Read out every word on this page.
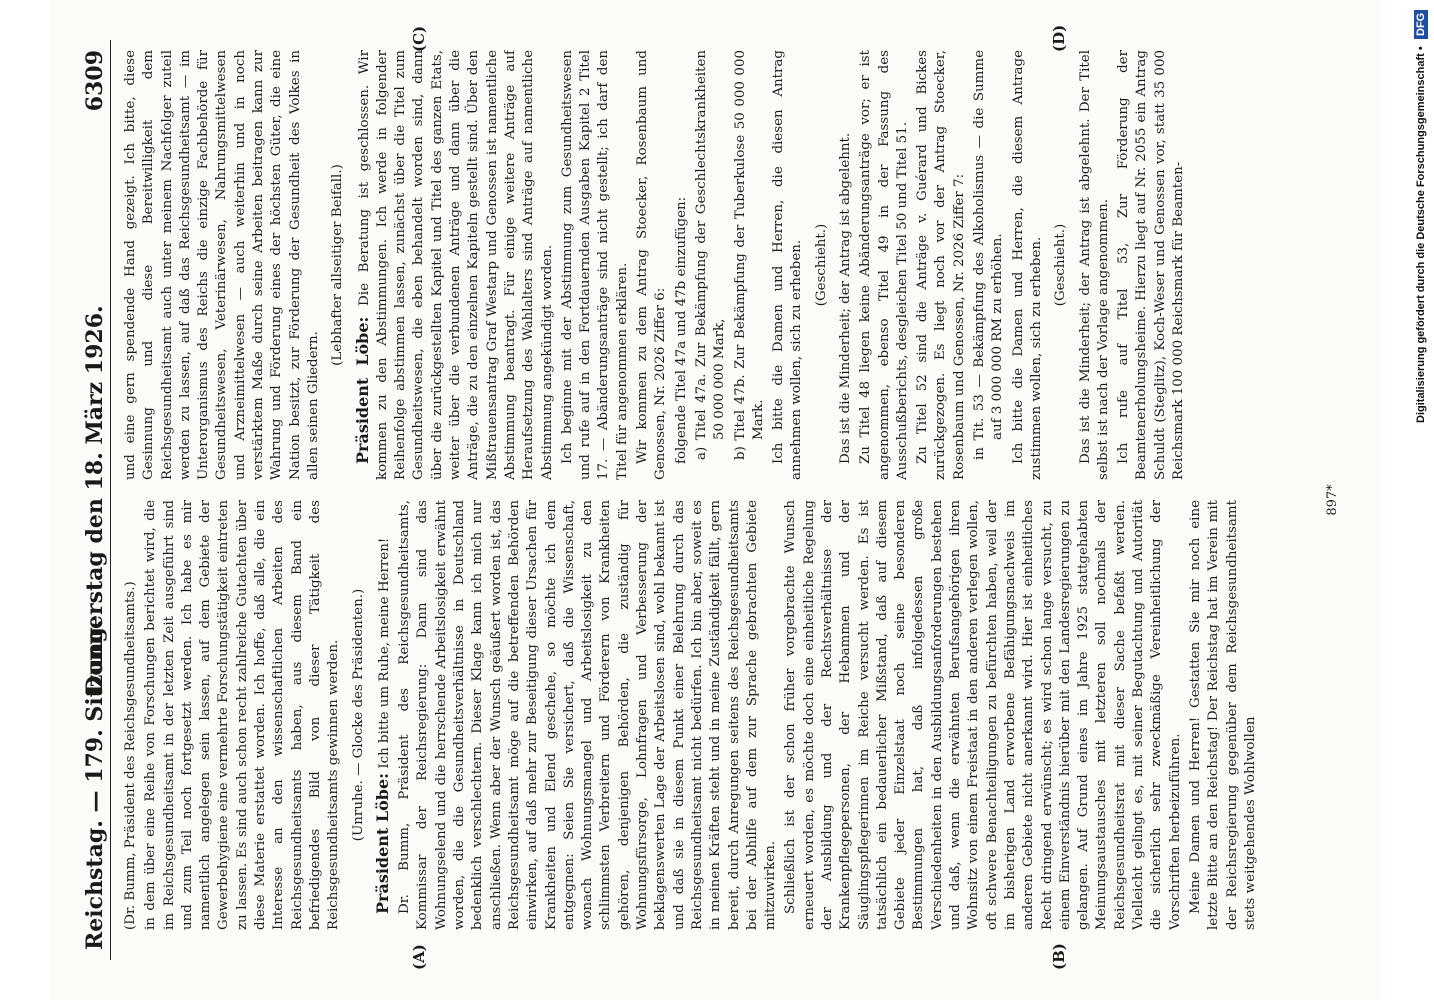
Reichstag. — 179. Sitzung.
Donnerstag den 18. März 1926.
6309
(A)	(B)
(C)	(D)

(Dr. Bumm, Präsident des Reichsgesundheitsamts.) in dem über eine Reihe von Forschungen berichtet wird, die im Reichsgesundheitsamt in der letzten Zeit ausgeführt sind und zum Teil noch fortgesetzt werden. Ich habe es mir namentlich angelegen sein lassen, auf dem Gebiete der Gewerbehygiene eine vermehrte Forschungstätigkeit eintreten zu lassen. Es sind auch schon recht zahlreiche Gutachten über diese Materie erstattet worden. Ich hoffe, daß alle, die ein Interesse an den wissenschaftlichen Arbeiten des Reichsgesundheitsamts haben, aus diesem Band ein befriedigendes Bild von dieser Tätigkeit des Reichsgesundheitsamts gewinnen werden. (Unruhe. — Glocke des Präsidenten.)

Präsident Löbe: Ich bitte um Ruhe, meine Herren! Dr. Bumm, Präsident des Reichsgesundheitsamts, Kommissar der Reichsregierung: Dann sind das Wohnungselend und die herrschende Arbeitslosigkeit erwähnt worden, die die Gesundheitsverhältnisse in Deutschland bedenklich verschlechtern. Dieser Klage kann ich mich nur anschließen. Wenn aber der Wunsch geäußert worden ist, das Reichsgesundheitsamt möge auf die betreffenden Behörden einwirken, auf daß mehr zur Beseitigung dieser Ursachen für Krankheiten und Elend geschehe, so möchte ich dem entgegnen: Seien Sie versichert, daß die Wissenschaft, wonach Wohnungsmangel und Arbeitslosigkeit zu den schlimmsten Verbreitern und Förderern von Krankheiten gehören, denjenigen Behörden, die zuständig für Wohnungsfürsorge, Lohnfragen und Verbesserung der beklagenswerten Lage der Arbeitslosen sind, wohl bekannt ist und daß sie in diesem Punkt einer Belehrung durch das Reichsgesundheitsamt nicht bedürfen. Ich bin aber, soweit es in meinen Kräften steht und in meine Zuständigkeit fällt, gern bereit, durch Anregungen seitens des Reichsgesundheitsamts bei der Abhilfe auf dem zur Sprache gebrachten Gebiete mitzuwirken. Schließlich ist der schon früher vorgebrachte Wunsch erneuert worden, es möchte doch eine einheitliche Regelung der Ausbildung und der Rechtsverhältnisse der Krankenpflegepersonen, der Hebammen und der Säuglingspflegerinnen im Reiche versucht werden. Es ist tatsächlich ein bedauerlicher Mißstand, daß auf diesem Gebiete jeder Einzelstaat noch seine besonderen Bestimmungen hat, daß infolgedessen große Verschiedenheiten in den Ausbildungsanforderungen bestehen und daß, wenn die erwähnten Berufsangehörigen ihren Wohnsitz von einem Freistaat in den anderen verlegen wollen, oft schwere Benachteiligungen zu befürchten haben, weil der im bisherigen Land erworbene Befähigungsnachweis im anderen Gebiete nicht anerkannt wird. Hier ist einheitliches Recht dringend erwünscht; es wird schon lange versucht, zu einem Einverständnis hierüber mit den Landesregierungen zu gelangen. Auf Grund eines im Jahre 1925 stattgehabten Meinungsaustausches mit letzteren soll nochmals der Reichsgesundheitsrat mit dieser Sache befaßt werden. Vielleicht gelingt es, mit seiner Begutachtung und Autorität die sicherlich sehr zweckmäßige Vereinheitlichung der Vorschriften herbeizuführen. Meine Damen und Herren! Gestatten Sie mir noch eine letzte Bitte an den Reichstag! Der Reichstag hat im Verein mit der Reichsregierung gegenüber dem Reichsgesundheitsamt stets weitgehendes Wohlwollen

und eine gern spendende Hand gezeigt. Ich bitte, diese Gesinnung und diese Bereitwilligkeit dem Reichsgesundheitsamt auch unter meinem Nachfolger zuteil werden zu lassen, auf daß das Reichsgesundheitsamt — im Unterorganismus des Reichs die einzige Fachbehörde für Gesundheitswesen, Veterinärwesen, Nahrungsmittelwesen und Arzneimittelwesen — auch weiterhin und in noch verstärktem Maße durch seine Arbeiten beitragen kann zur Wahrung und Förderung eines der höchsten Güter, die eine Nation besitzt, zur Förderung der Gesundheit des Volkes in allen seinen Gliedern.

(Lebhafter allseitiger Beifall.)

Präsident Löbe: Die Beratung ist geschlossen. Wir kommen zu den Abstimmungen. Ich werde in folgender Reihenfolge abstimmen lassen, zunächst über die Titel zum Gesundheitswesen, die eben behandelt worden sind, dann über die zurückgestellten Kapitel und Titel des ganzen Etats, weiter über die verbundenen Anträge und dann über die Anträge, die zu den einzelnen Kapiteln gestellt sind. Über den Mißtrauensantrag Graf Westarp und Genossen ist namentliche Abstimmung beantragt. Für einige weitere Anträge auf Heraufsetzung des Wahlalters sind Anträge auf namentliche Abstimmung angekündigt worden. Ich beginne mit der Abstimmung zum Gesundheitswesen und rufe auf in den Fortdauernden Ausgaben Kapitel 2 Titel 17. — Abänderungsanträge sind nicht gestellt; ich darf den Titel für angenommen erklären. Wir kommen zu dem Antrag Stoecker, Rosenbaum und Genossen, Nr. 2026 Ziffer 6: folgende Titel 47a und 47b einzufügen: a) Titel 47a. Zur Bekämpfung der Geschlechtskrankheiten 50 000 000 Mark, b) Titel 47b. Zur Bekämpfung der Tuberkulose 50 000 000 Mark. Ich bitte die Damen und Herren, die diesen Antrag annehmen wollen, sich zu erheben. (Geschieht.) Das ist die Minderheit; der Antrag ist abgelehnt. Zu Titel 48 liegen keine Abänderungsanträge vor; er ist angenommen, ebenso Titel 49 in der Fassung des Ausschußberichts, desgleichen Titel 50 und Titel 51. Zu Titel 52 sind die Anträge v. Guérard und Bickes zurückgezogen. Es liegt noch vor der Antrag Stoecker, Rosenbaum und Genossen, Nr. 2026 Ziffer 7: in Tit. 53 — Bekämpfung des Alkoholismus — die Summe auf 3 000 000 RM zu erhöhen. Ich bitte die Damen und Herren, die diesem Antrage zustimmen wollen, sich zu erheben. (Geschieht.) Das ist die Minderheit; der Antrag ist abgelehnt. Der Titel selbst ist nach der Vorlage angenommen. Ich rufe auf Titel 53, Zur Förderung der Beamtenerholungsheime. Hierzu liegt auf Nr. 2055 ein Antrag Schuldt (Steglitz), Koch-Weser und Genossen vor, statt 35 000 Reichsmark 100 000 Reichsmark für Beamten-

897*
Digitalisierung gefördert durch die Deutsche Forschungsgemeinschaft • DFG
